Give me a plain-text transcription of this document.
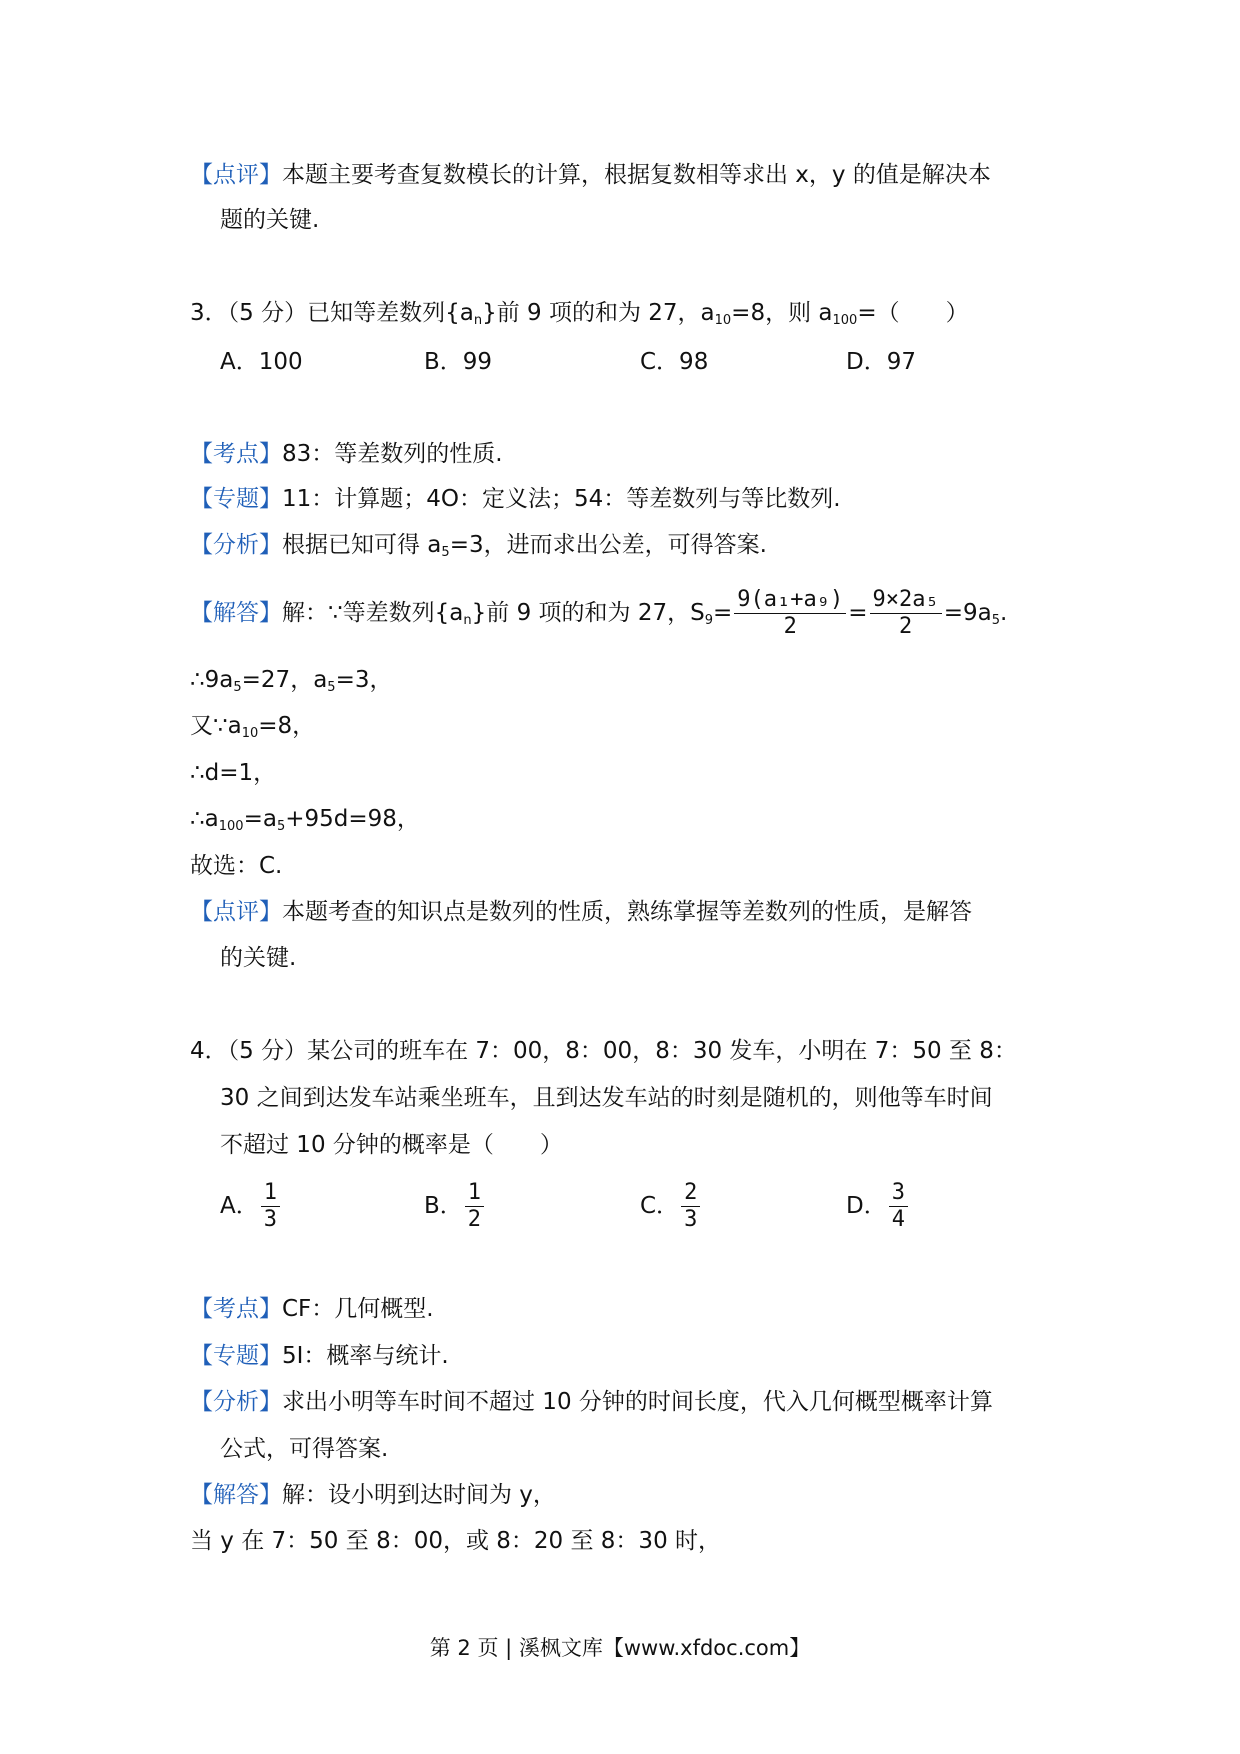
【点评】本题主要考查复数模长的计算，根据复数相等求出 x，y 的值是解决本
题的关键.
3．（5 分）已知等差数列$\{a_n\}$前 9 项的和为 27，$a_{10}=8$，则 $a_{100}=$（　　）
A．100	B．99	C．98	D．97
【考点】83：等差数列的性质.
【专题】11：计算题；4O：定义法；54：等差数列与等比数列.
【分析】根据已知可得 $a_5=3$，进而求出公差，可得答案.
【解答】解：∵等差数列$\{a_n\}$前 9 项的和为 27，$S_9= \frac{\text{9(a₁+a₉)}}{2} = \frac{\text{9×2a₅}}{2} =9a_5$.
$\therefore 9a_5=27$，$a_5=3$，
又$\because a_{10}=8$，
∴d=1，
$\therefore a_{100}=a_5+95d=98$，
故选：C.
【点评】本题考查的知识点是数列的性质，熟练掌握等差数列的性质，是解答
的关键.
4．（5 分）某公司的班车在 7：00，8：00，8：30 发车，小明在 7：50 至 8：
30 之间到达发车站乘坐班车，且到达发车站的时刻是随机的，则他等车时间
不超过 10 分钟的概率是（　　）
A． $\frac{1}{3}$	B． $\frac{1}{2}$	C． $\frac{2}{3}$	D． $\frac{3}{4}$
【考点】CF：几何概型.
【专题】5I：概率与统计.
【分析】求出小明等车时间不超过 10 分钟的时间长度，代入几何概型概率计算
公式，可得答案.
【解答】解：设小明到达时间为 y，
当 y 在 7：50 至 8：00，或 8：20 至 8：30 时，
第 2 页 | 溪枫文库【www.xfdoc.com】
